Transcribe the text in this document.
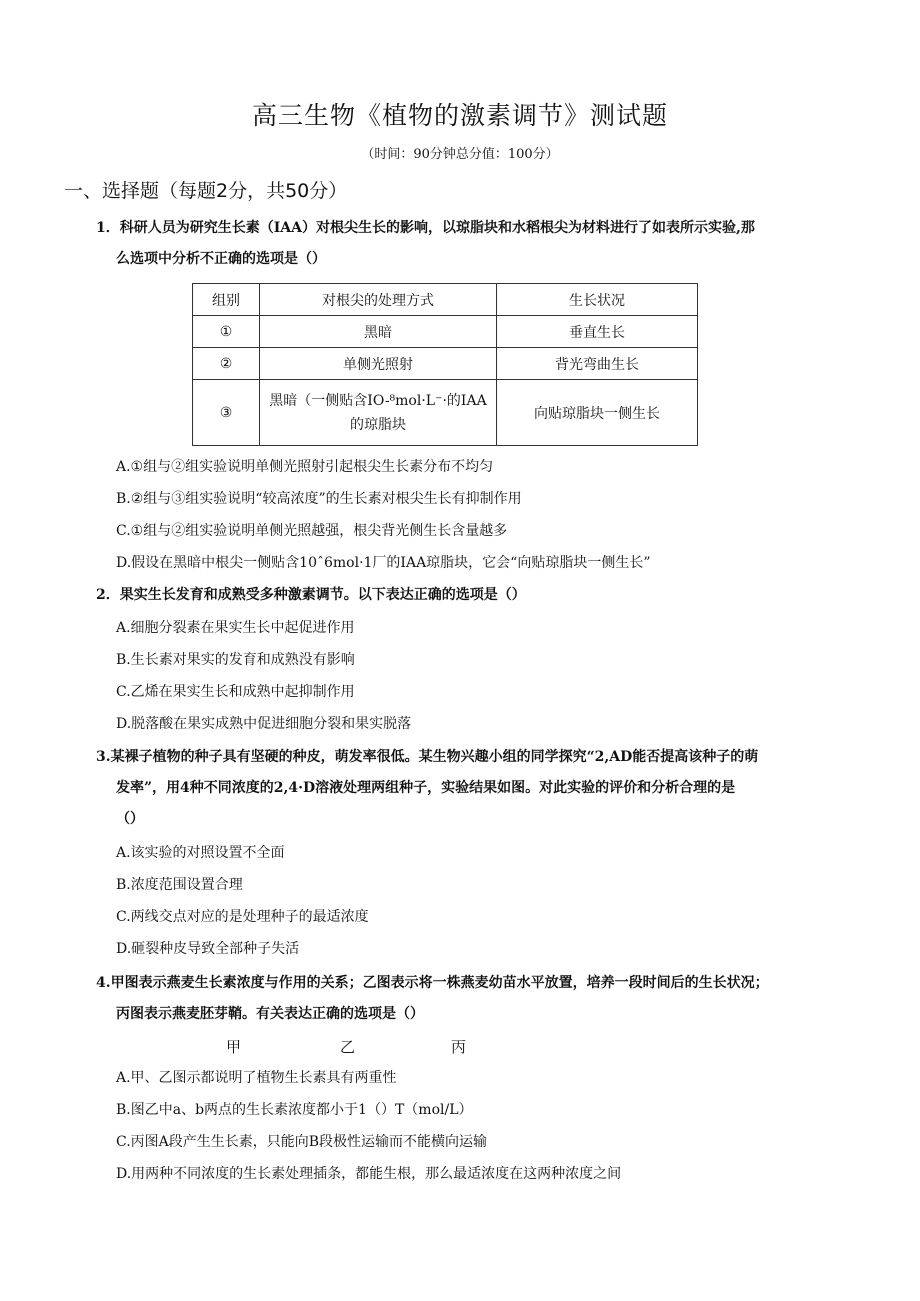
高三生物《植物的激素调节》测试题
（时间：90分钟总分值：100分）
一、选择题（每题2分，共50分）
1．科研人员为研究生长素（IAA）对根尖生长的影响，以琼脂块和水稻根尖为材料进行了如表所示实验,那
么选项中分析不正确的选项是（）
组别	对根尖的处理方式	生长状况
①	黑暗	垂直生长
②	单侧光照射	背光弯曲生长
③	黑暗（一侧贴含IO-⁸mol·L⁻·的IAA的琼脂块	向贴琼脂块一侧生长
A.①组与②组实验说明单侧光照射引起根尖生长素分布不均匀
B.②组与③组实验说明“较高浓度”的生长素对根尖生长有抑制作用
C.①组与②组实验说明单侧光照越强，根尖背光侧生长含量越多
D.假设在黑暗中根尖一侧贴含10ˆ6mol·1厂的IAA琼脂块，它会“向贴琼脂块一侧生长”
2．果实生长发育和成熟受多种激素调节。以下表达正确的选项是（）
A.细胞分裂素在果实生长中起促进作用
B.生长素对果实的发育和成熟没有影响
C.乙烯在果实生长和成熟中起抑制作用
D.脱落酸在果实成熟中促进细胞分裂和果实脱落
3.某裸子植物的种子具有坚硬的种皮，萌发率很低。某生物兴趣小组的同学探究“2,AD能否提高该种子的萌
发率”，用4种不同浓度的2,4·D溶液处理两组种子，实验结果如图。对此实验的评价和分析合理的是
（）
A.该实验的对照设置不全面
B.浓度范围设置合理
C.两线交点对应的是处理种子的最适浓度
D.砸裂种皮导致全部种子失活
4.甲图表示燕麦生长素浓度与作用的关系；乙图表示将一株燕麦幼苗水平放置，培养一段时间后的生长状况；
丙图表示燕麦胚芽鞘。有关表达正确的选项是（）
甲	乙	丙
A.甲、乙图示都说明了植物生长素具有两重性
B.图乙中a、b两点的生长素浓度都小于1（）T（mol/L）
C.丙图A段产生生长素，只能向B段极性运输而不能横向运输
D.用两种不同浓度的生长素处理插条，都能生根，那么最适浓度在这两种浓度之间
